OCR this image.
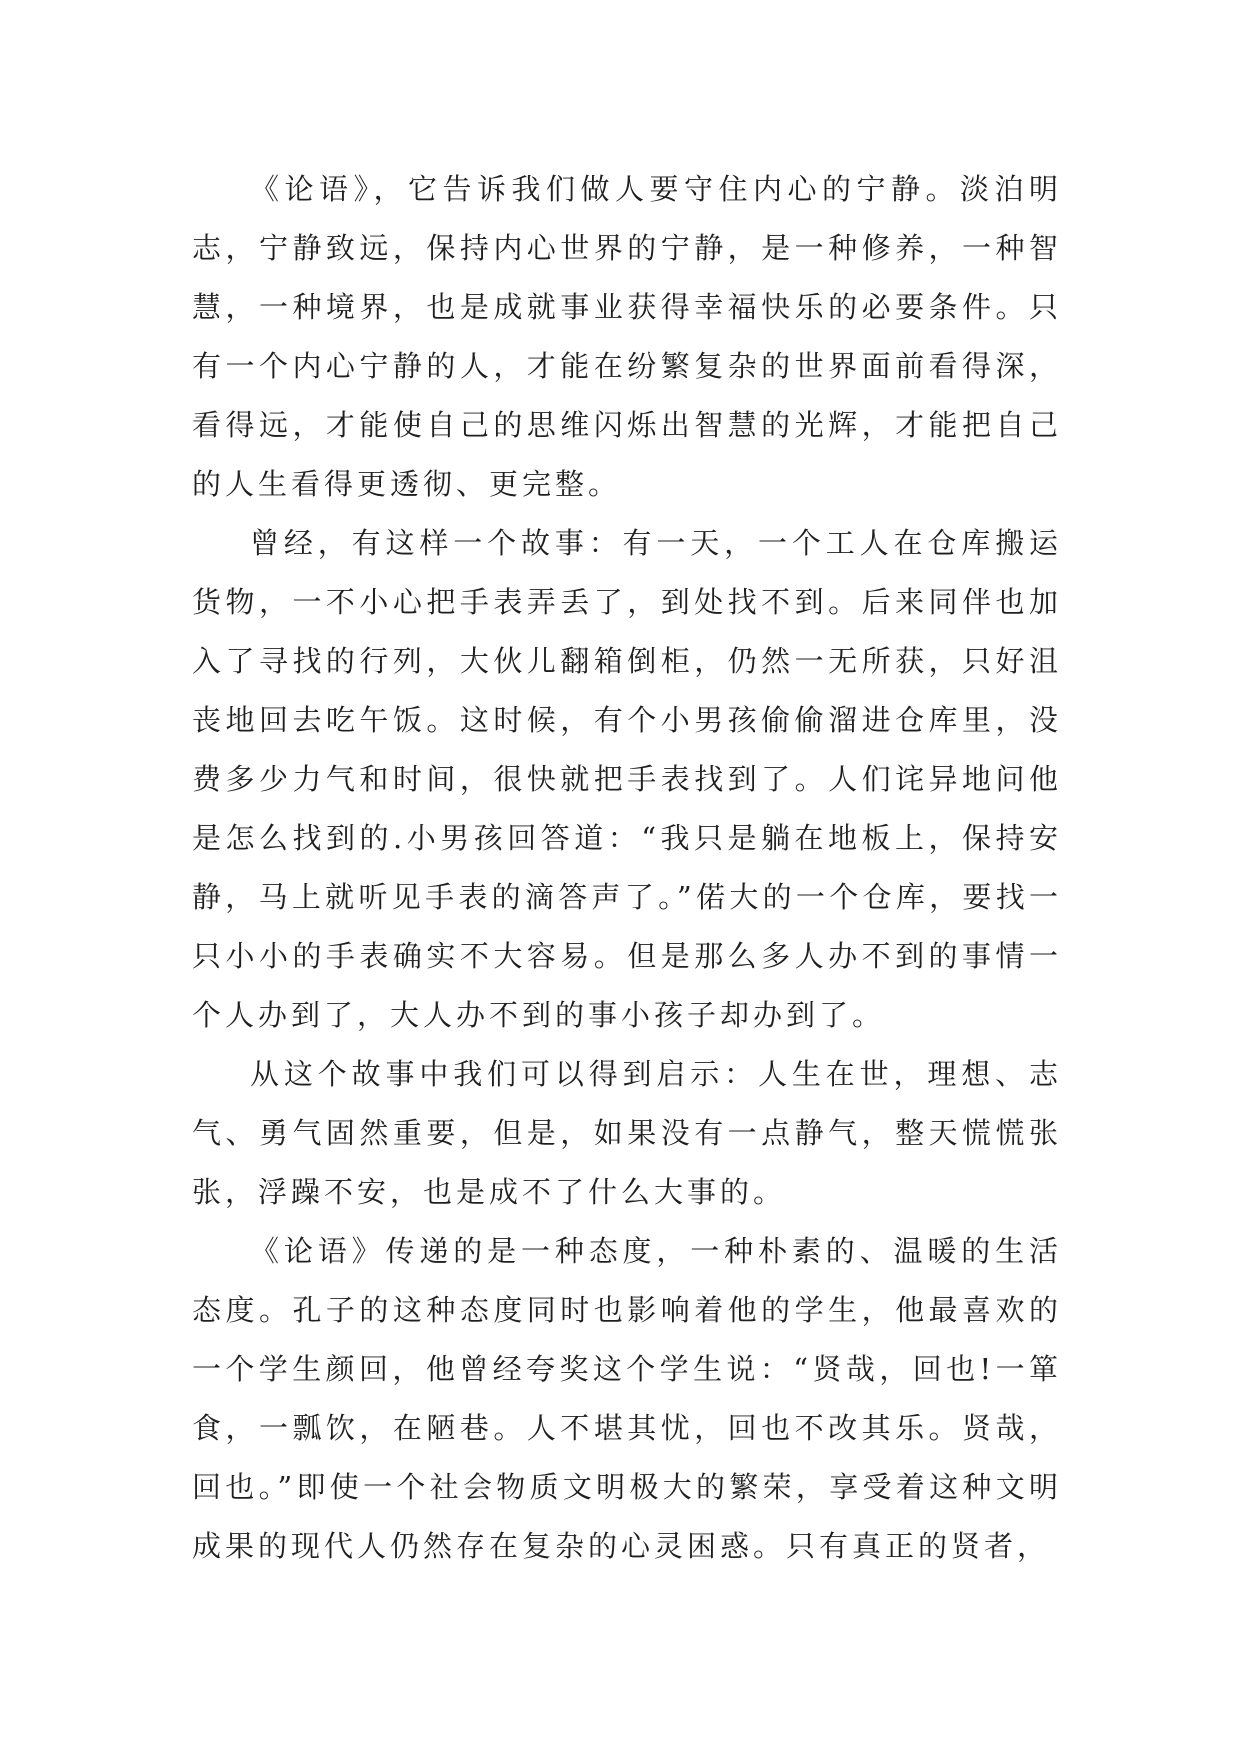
《论语》，它告诉我们做人要守住内心的宁静。淡泊明志，宁静致远，保持内心世界的宁静，是一种修养，一种智慧，一种境界，也是成就事业获得幸福快乐的必要条件。只有一个内心宁静的人，才能在纷繁复杂的世界面前看得深，看得远，才能使自己的思维闪烁出智慧的光辉，才能把自己的人生看得更透彻、更完整。

曾经，有这样一个故事：有一天，一个工人在仓库搬运货物，一不小心把手表弄丢了，到处找不到。后来同伴也加入了寻找的行列，大伙儿翻箱倒柜，仍然一无所获，只好沮丧地回去吃午饭。这时候，有个小男孩偷偷溜进仓库里，没费多少力气和时间，很快就把手表找到了。人们诧异地问他是怎么找到的.小男孩回答道：“我只是躺在地板上，保持安静，马上就听见手表的滴答声了。”偌大的一个仓库，要找一只小小的手表确实不大容易。但是那么多人办不到的事情一个人办到了，大人办不到的事小孩子却办到了。

从这个故事中我们可以得到启示：人生在世，理想、志气、勇气固然重要，但是，如果没有一点静气，整天慌慌张张，浮躁不安，也是成不了什么大事的。

《论语》传递的是一种态度，一种朴素的、温暖的生活态度。孔子的这种态度同时也影响着他的学生，他最喜欢的一个学生颜回，他曾经夸奖这个学生说：“贤哉，回也!一箪食，一瓢饮，在陋巷。人不堪其忧，回也不改其乐。贤哉，回也。”即使一个社会物质文明极大的繁荣，享受着这种文明成果的现代人仍然存在复杂的心灵困惑。只有真正的贤者，
